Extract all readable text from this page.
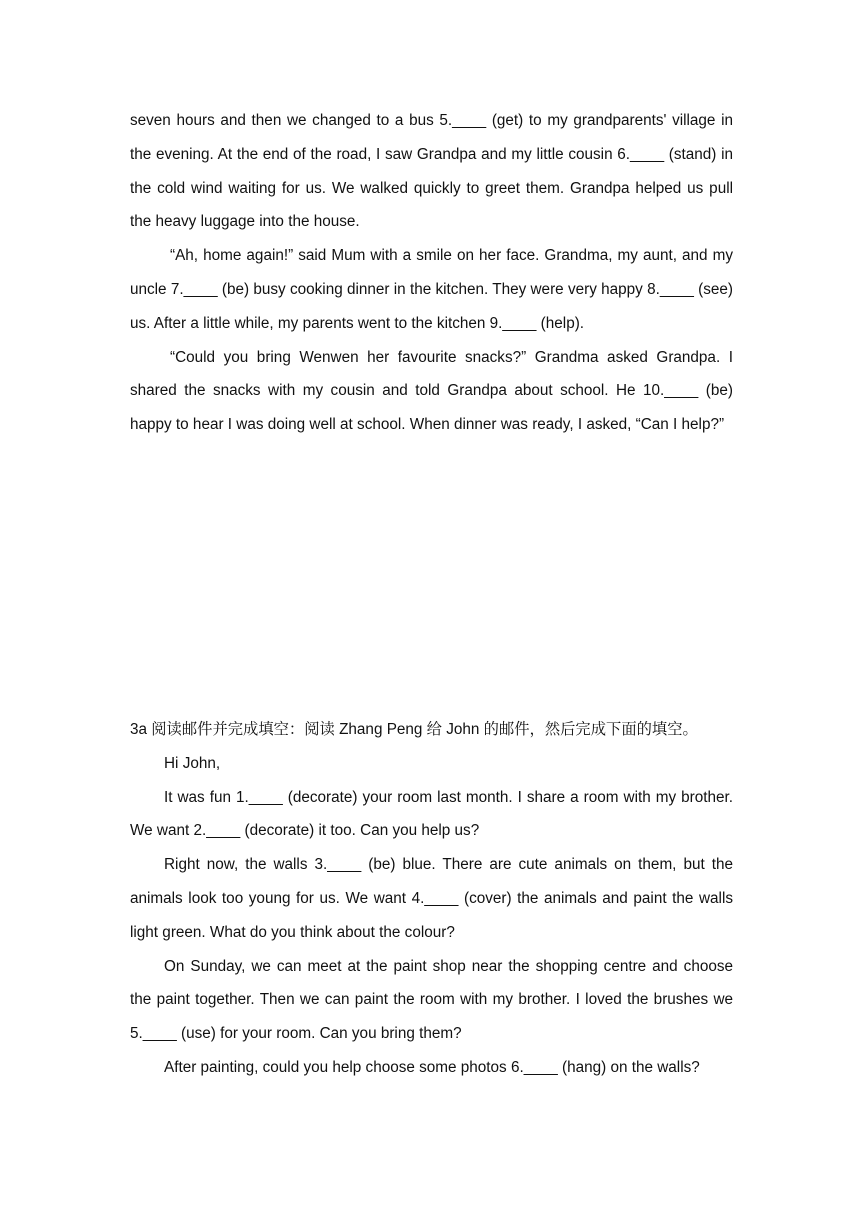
seven hours and then we changed to a bus 5.____ (get) to my grandparents' village in the evening. At the end of the road, I saw Grandpa and my little cousin 6.____ (stand) in the cold wind waiting for us. We walked quickly to greet them. Grandpa helped us pull the heavy luggage into the house.

“Ah, home again!” said Mum with a smile on her face. Grandma, my aunt, and my uncle 7.____ (be) busy cooking dinner in the kitchen. They were very happy 8.____ (see) us. After a little while, my parents went to the kitchen 9.____ (help).

“Could you bring Wenwen her favourite snacks?” Grandma asked Grandpa. I shared the snacks with my cousin and told Grandpa about school. He 10.____ (be) happy to hear I was doing well at school. When dinner was ready, I asked, “Can I help?”

3a 阅读邮件并完成填空：阅读 Zhang Peng 给 John 的邮件，然后完成下面的填空。

Hi John,

It was fun 1.____ (decorate) your room last month. I share a room with my brother. We want 2.____ (decorate) it too. Can you help us?

Right now, the walls 3.____ (be) blue. There are cute animals on them, but the animals look too young for us. We want 4.____ (cover) the animals and paint the walls light green. What do you think about the colour?

On Sunday, we can meet at the paint shop near the shopping centre and choose the paint together. Then we can paint the room with my brother. I loved the brushes we 5.____ (use) for your room. Can you bring them?

After painting, could you help choose some photos 6.____ (hang) on the walls?
